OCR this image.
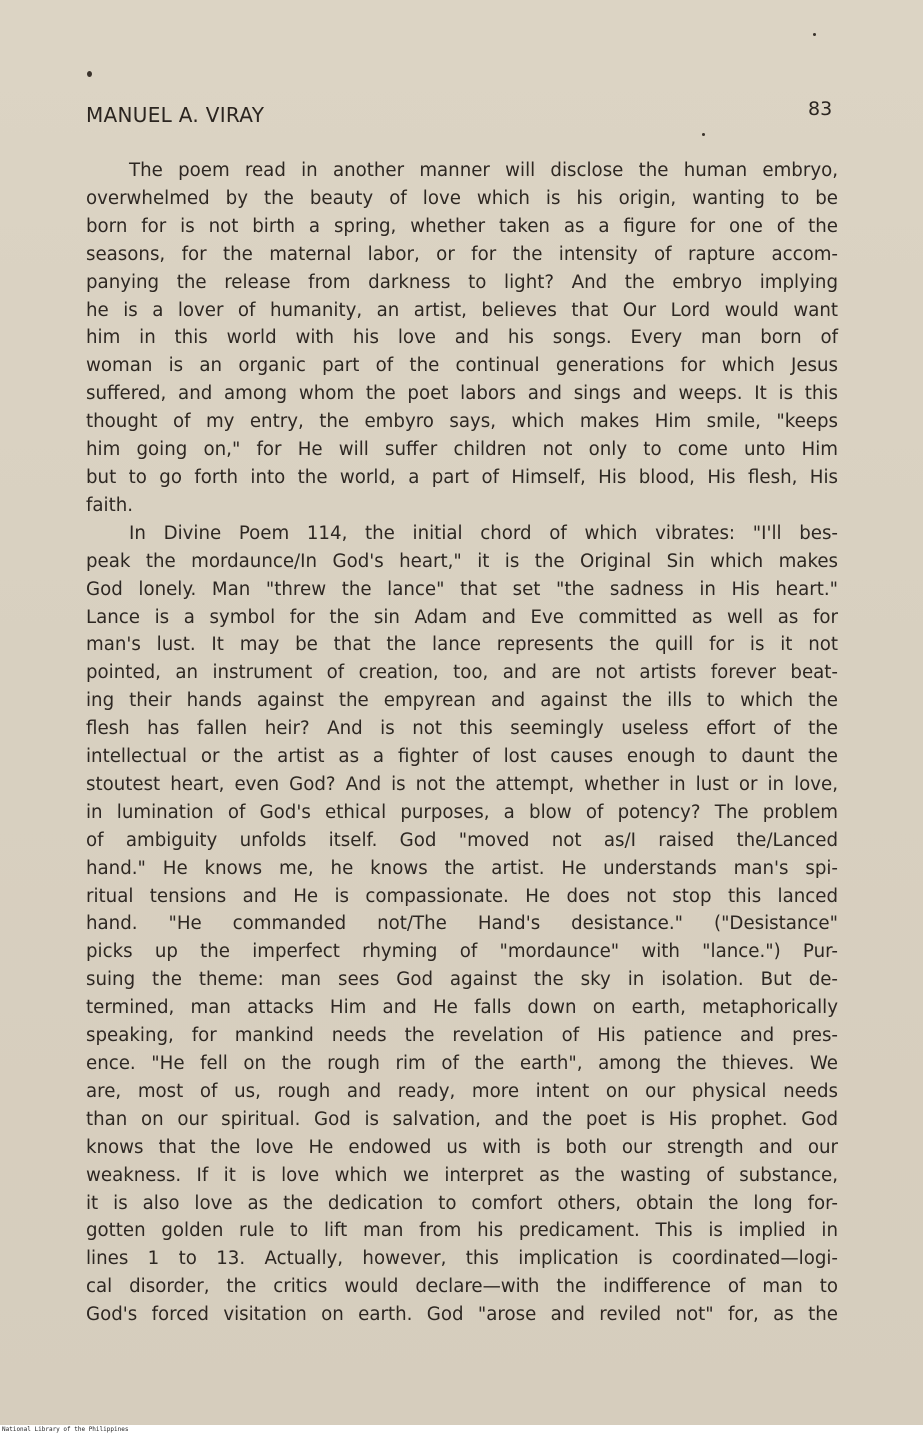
MANUEL A. VIRAY	83
The poem read in another manner will disclose the human embryo,
overwhelmed by the beauty of love which is his origin, wanting to be
born for is not birth a spring, whether taken as a figure for one of the
seasons, for the maternal labor, or for the intensity of rapture accom-
panying the release from darkness to light? And the embryo implying
he is a lover of humanity, an artist, believes that Our Lord would want
him in this world with his love and his songs. Every man born of
woman is an organic part of the continual generations for which Jesus
suffered, and among whom the poet labors and sings and weeps. It is this
thought of my entry, the embyro says, which makes Him smile, "keeps
him going on," for He will suffer children not only to come unto Him
but to go forth into the world, a part of Himself, His blood, His flesh, His
faith.
In Divine Poem 114, the initial chord of which vibrates: "I'll bes-
peak the mordaunce/In God's heart," it is the Original Sin which makes
God lonely. Man "threw the lance" that set "the sadness in His heart."
Lance is a symbol for the sin Adam and Eve committed as well as for
man's lust. It may be that the lance represents the quill for is it not
pointed, an instrument of creation, too, and are not artists forever beat-
ing their hands against the empyrean and against the ills to which the
flesh has fallen heir? And is not this seemingly useless effort of the
intellectual or the artist as a fighter of lost causes enough to daunt the
stoutest heart, even God? And is not the attempt, whether in lust or in love,
in lumination of God's ethical purposes, a blow of potency? The problem
of ambiguity unfolds itself. God "moved not as/I raised the/Lanced
hand." He knows me, he knows the artist. He understands man's spi-
ritual tensions and He is compassionate. He does not stop this lanced
hand. "He commanded not/The Hand's desistance." ("Desistance"
picks up the imperfect rhyming of "mordaunce" with "lance.") Pur-
suing the theme: man sees God against the sky in isolation. But de-
termined, man attacks Him and He falls down on earth, metaphorically
speaking, for mankind needs the revelation of His patience and pres-
ence. "He fell on the rough rim of the earth", among the thieves. We
are, most of us, rough and ready, more intent on our physical needs
than on our spiritual. God is salvation, and the poet is His prophet. God
knows that the love He endowed us with is both our strength and our
weakness. If it is love which we interpret as the wasting of substance,
it is also love as the dedication to comfort others, obtain the long for-
gotten golden rule to lift man from his predicament. This is implied in
lines 1 to 13. Actually, however, this implication is coordinated—logi-
cal disorder, the critics would declare—with the indifference of man to
God's forced visitation on earth. God "arose and reviled not" for, as the
National Library of the Philippines
